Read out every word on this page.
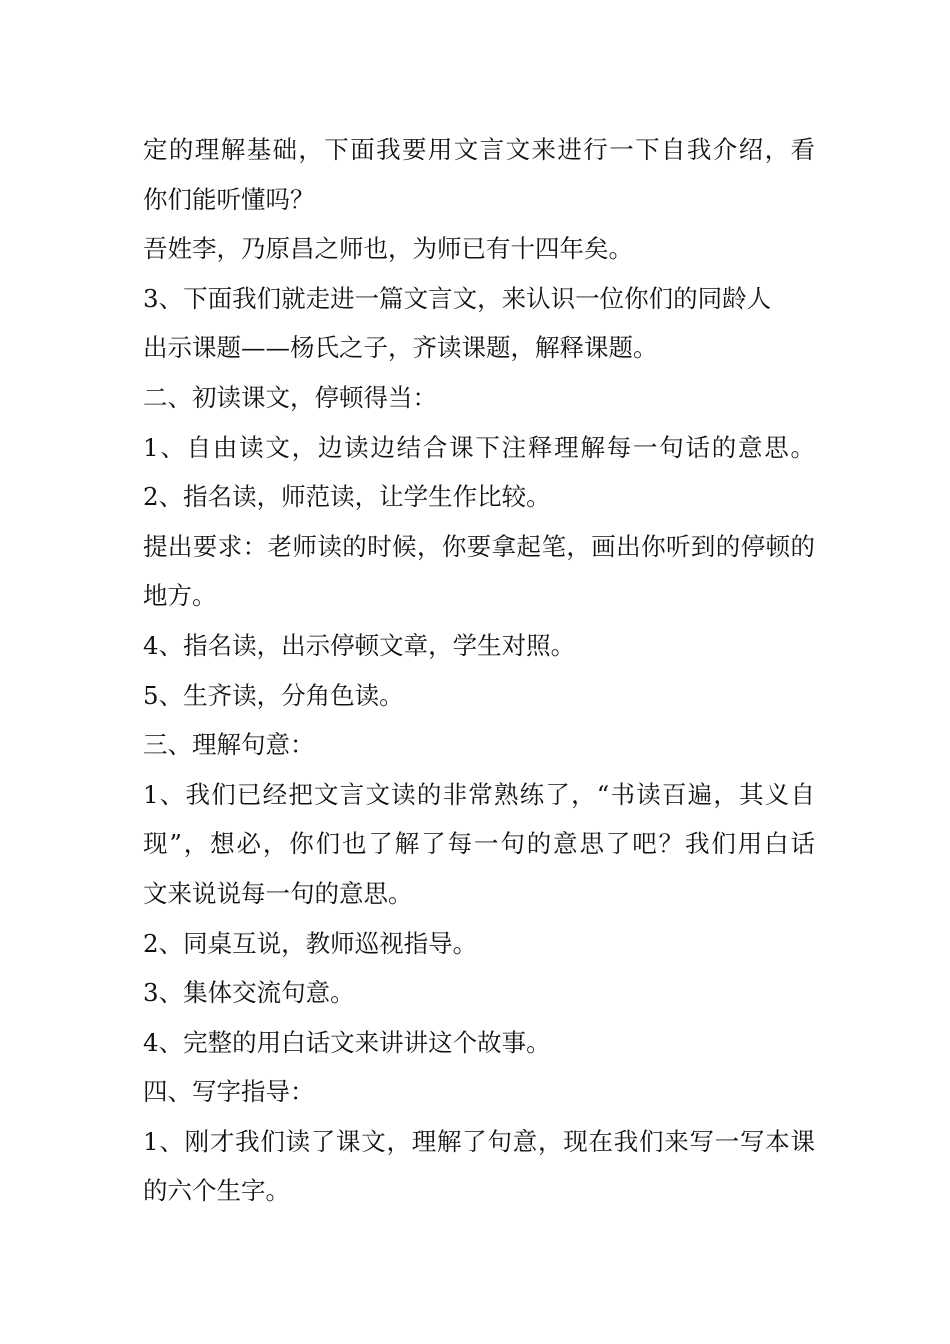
定的理解基础，下面我要用文言文来进行一下自我介绍，看
你们能听懂吗？
吾姓李，乃原昌之师也，为师已有十四年矣。
3、下面我们就走进一篇文言文，来认识一位你们的同龄人
出示课题——杨氏之子，齐读课题，解释课题。
二、初读课文，停顿得当：
1、自由读文，边读边结合课下注释理解每一句话的意思。
2、指名读，师范读，让学生作比较。
提出要求：老师读的时候，你要拿起笔，画出你听到的停顿的
地方。
4、指名读，出示停顿文章，学生对照。
5、生齐读，分角色读。
三、理解句意：
1、我们已经把文言文读的非常熟练了，“书读百遍，其义自
现”，想必，你们也了解了每一句的意思了吧？我们用白话
文来说说每一句的意思。
2、同桌互说，教师巡视指导。
3、集体交流句意。
4、完整的用白话文来讲讲这个故事。
四、写字指导：
1、刚才我们读了课文，理解了句意，现在我们来写一写本课
的六个生字。
